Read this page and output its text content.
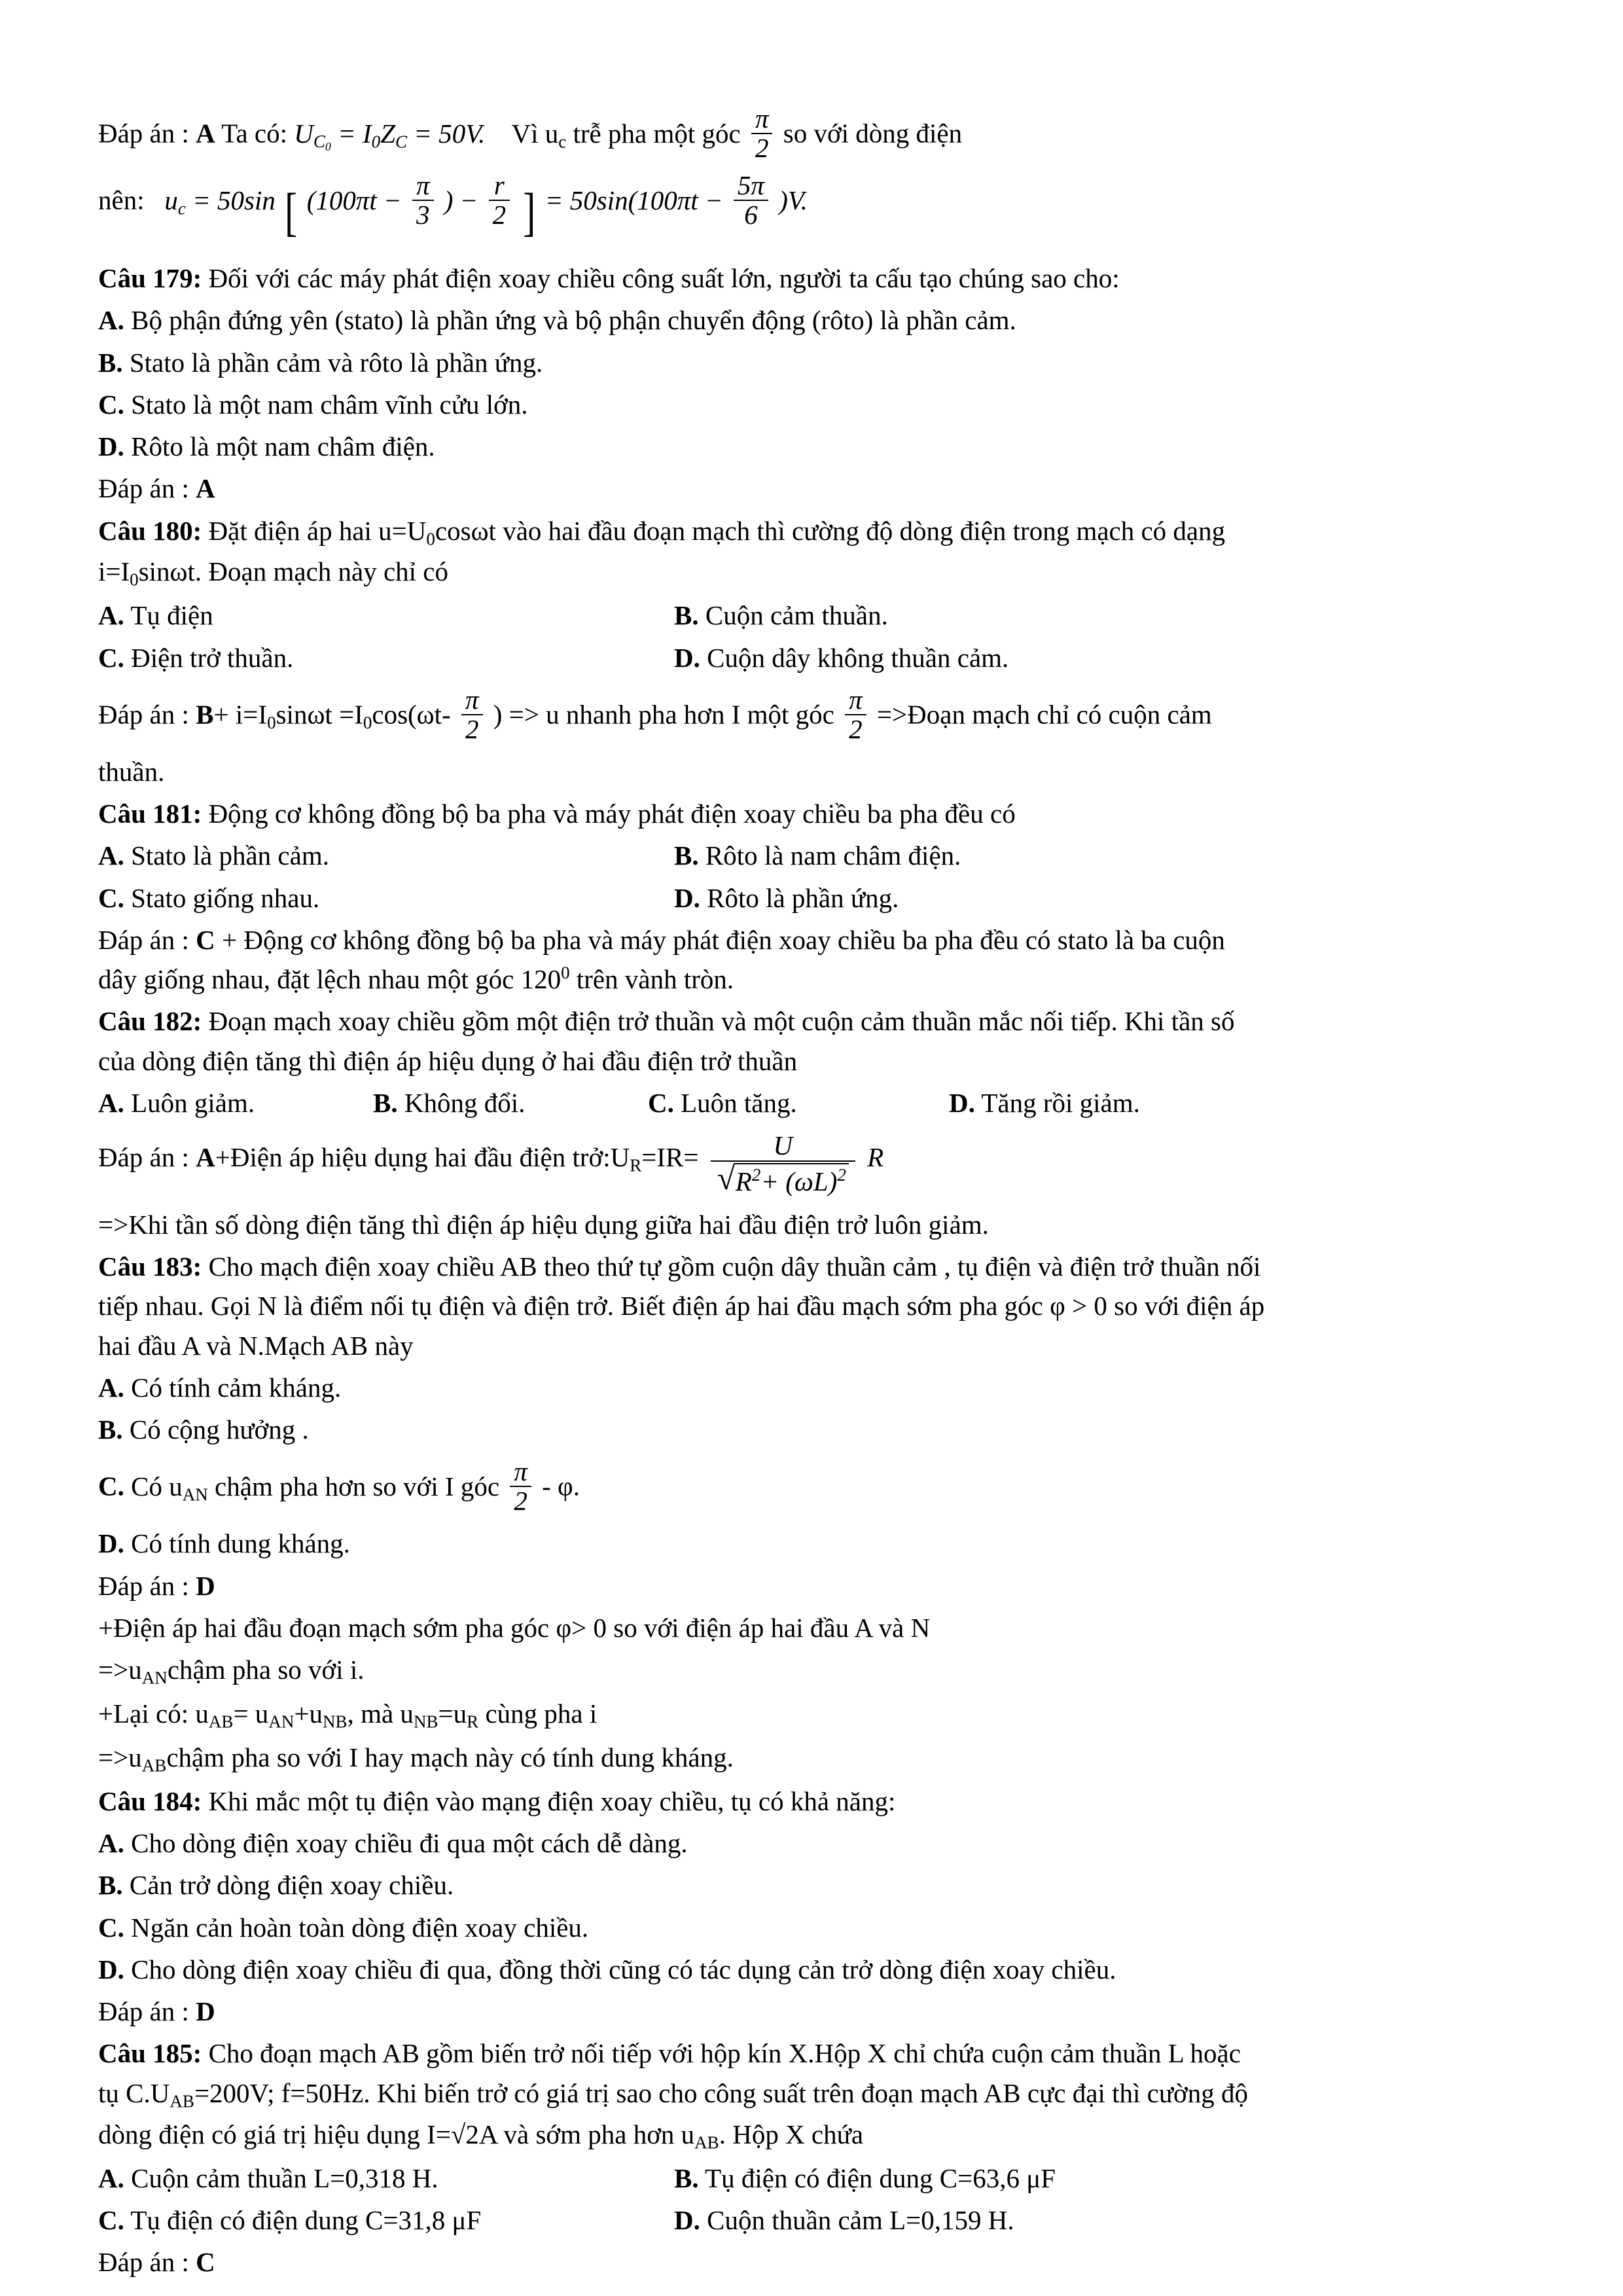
Đáp án : A Ta có: $U_{C_0} = I_0Z_C = 50V$. Vì $u_c$ trễ pha một góc $\frac{\pi}{2}$ so với dòng điện
nên: $u_c = 50\sin$ [ ($100\pi t - \frac{\pi}{3}$ ) − $\frac{r}{2}$ ] = $50\sin(100\pi t - \frac{5\pi}{6} )V$.
Câu 179: Đối với các máy phát điện xoay chiều công suất lớn, người ta cấu tạo chúng sao cho:
A. Bộ phận đứng yên (stato) là phần ứng và bộ phận chuyển động (rôto) là phần cảm.
B. Stato là phần cảm và rôto là phần ứng.
C. Stato là một nam châm vĩnh cửu lớn.
D. Rôto là một nam châm điện.
Đáp án : A
Câu 180: Đặt điện áp hai $u=U_0\cos\omega t$ vào hai đầu đoạn mạch thì cường độ dòng điện trong mạch có dạng
$i=I_0\sin\omega t$. Đoạn mạch này chỉ có
A. Tụ điện	B. Cuộn cảm thuần.
C. Điện trở thuần.	D. Cuộn dây không thuần cảm.
Đáp án : $B+ i=I_0\sin\omega t =I_0\cos(\omega t- \frac{\pi}{2}$ ) => u nhanh pha hơn I một góc $\frac{\pi}{2}$ =>Đoạn mạch chỉ có cuộn cảm
thuần.
Câu 181: Động cơ không đồng bộ ba pha và máy phát điện xoay chiều ba pha đều có
A. Stato là phần cảm.	B. Rôto là nam châm điện.
C. Stato giống nhau.	D. Rôto là phần ứng.
Đáp án : C + Động cơ không đồng bộ ba pha và máy phát điện xoay chiều ba pha đều có stato là ba cuộn
dây giống nhau, đặt lệch nhau một góc $120^0$ trên vành tròn.
Câu 182: Đoạn mạch xoay chiều gồm một điện trở thuần và một cuộn cảm thuần mắc nối tiếp. Khi tần số
của dòng điện tăng thì điện áp hiệu dụng ở hai đầu điện trở thuần
A. Luôn giảm.	B. Không đổi.	C. Luôn tăng.	D. Tăng rồi giảm.
Đáp án : A+Điện áp hiệu dụng hai đầu điện $trở:U_R=IR= U$
√ $R^2+ (\omega L)^2$ R
=>Khi tần số dòng điện tăng thì điện áp hiệu dụng giữa hai đầu điện trở luôn giảm.
Câu 183: Cho mạch điện xoay chiều AB theo thứ tự gồm cuộn dây thuần cảm , tụ điện và điện trở thuần nối
tiếp nhau. Gọi N là điểm nối tụ điện và điện trở. Biết điện áp hai đầu mạch sớm pha góc φ > 0 so với điện áp
hai đầu A và N.Mạch AB này
A. Có tính cảm kháng.
B. Có cộng hưởng .
C. Có $u_{AN}$ chậm pha hơn so với I góc $\frac{\pi}{2}$ - φ.
D. Có tính dung kháng.
Đáp án : D
+Điện áp hai đầu đoạn mạch sớm pha góc φ> 0 so với điện áp hai đầu A và N
$=>u_{AN}chậm$ pha so với i.
+Lại có: $u_{AB}= u_{AN}+u_{NB}$, mà $u_{NB}=u_R$ cùng pha i
$=>u_{AB}chậm$ pha so với I hay mạch này có tính dung kháng.
Câu 184: Khi mắc một tụ điện vào mạng điện xoay chiều, tụ có khả năng:
A. Cho dòng điện xoay chiều đi qua một cách dễ dàng.
B. Cản trở dòng điện xoay chiều.
C. Ngăn cản hoàn toàn dòng điện xoay chiều.
D. Cho dòng điện xoay chiều đi qua, đồng thời cũng có tác dụng cản trở dòng điện xoay chiều.
Đáp án : D
Câu 185: Cho đoạn mạch AB gồm biến trở nối tiếp với hộp kín X.Hộp X chỉ chứa cuộn cảm thuần L hoặc
tụ $C.U_{AB}=200V$; f=50Hz. Khi biến trở có giá trị sao cho công suất trên đoạn mạch AB cực đại thì cường độ
dòng điện có giá trị hiệu dụng I=√2A và sớm pha hơn $u_{AB}$. Hộp X chứa
A. Cuộn cảm thuần L=0,318 H.	B. Tụ điện có điện dung C=63,6 μF
C. Tụ điện có điện dung C=31,8 μF	D. Cuộn thuần cảm L=0,159 H.
Đáp án : C
